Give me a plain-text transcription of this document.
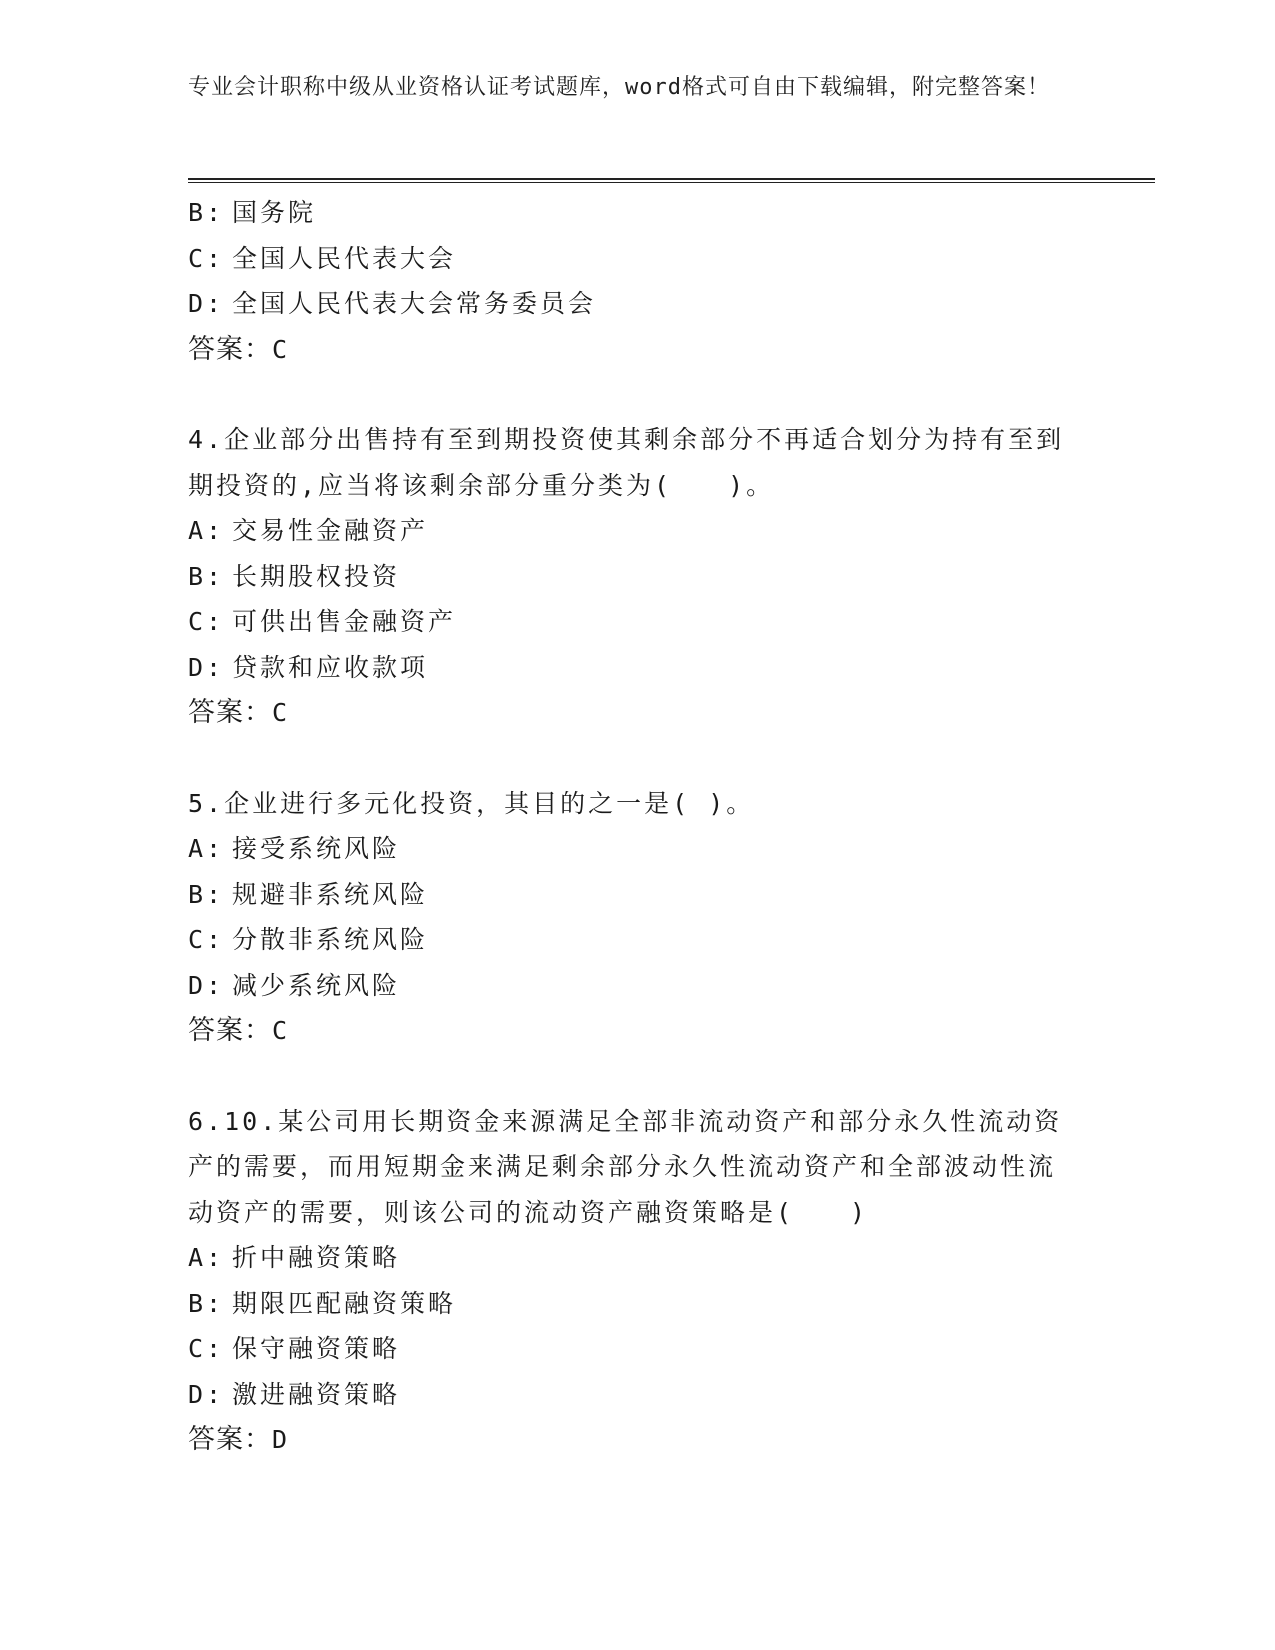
专业会计职称中级从业资格认证考试题库，word格式可自由下载编辑，附完整答案！

B: 国务院

C: 全国人民代表大会

D: 全国人民代表大会常务委员会

答案：C

4.企业部分出售持有至到期投资使其剩余部分不再适合划分为持有至到期投资的,应当将该剩余部分重分类为(　　)。

A: 交易性金融资产

B: 长期股权投资

C: 可供出售金融资产

D: 贷款和应收款项

答案：C

5.企业进行多元化投资，其目的之一是( )。

A: 接受系统风险

B: 规避非系统风险

C: 分散非系统风险

D: 减少系统风险

答案：C

6.10.某公司用长期资金来源满足全部非流动资产和部分永久性流动资产的需要，而用短期金来满足剩余部分永久性流动资产和全部波动性流动资产的需要，则该公司的流动资产融资策略是(　　)

A: 折中融资策略

B: 期限匹配融资策略

C: 保守融资策略

D: 激进融资策略

答案：D
